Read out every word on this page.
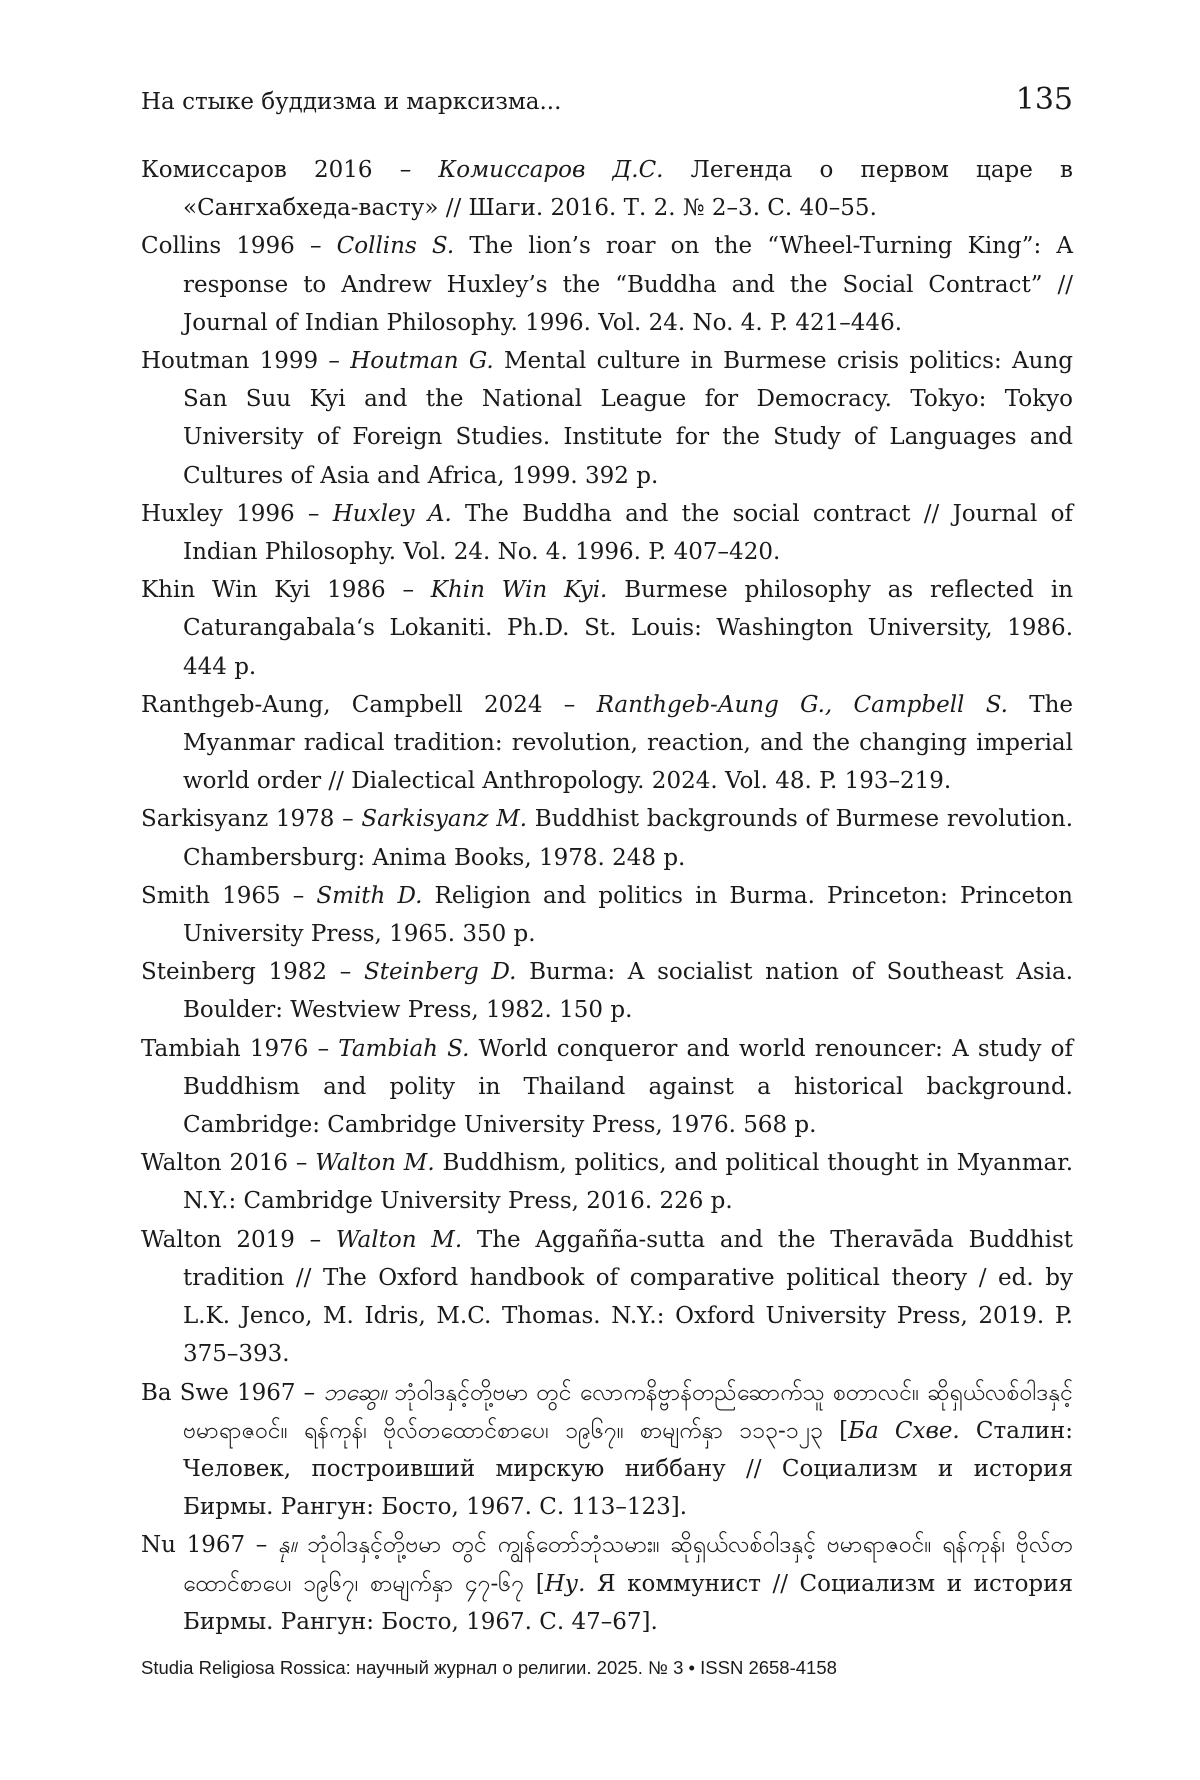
На стыке буддизма и марксизма...	135
Комиссаров 2016 – Комиссаров Д.С. Легенда о первом царе в «Сангхабхеда-васту» // Шаги. 2016. Т. 2. № 2–3. С. 40–55.
Collins 1996 – Collins S. The lion’s roar on the “Wheel-Turning King”: A response to Andrew Huxley’s the “Buddha and the Social Contract” // Journal of Indian Philosophy. 1996. Vol. 24. No. 4. P. 421–446.
Houtman 1999 – Houtman G. Mental culture in Burmese crisis politics: Aung San Suu Kyi and the National League for Democracy. Tokyo: Tokyo University of Foreign Studies. Institute for the Study of Languages and Cultures of Asia and Africa, 1999. 392 p.
Huxley 1996 – Huxley A. The Buddha and the social contract // Journal of Indian Philosophy. Vol. 24. No. 4. 1996. P. 407–420.
Khin Win Kyi 1986 – Khin Win Kyi. Burmese philosophy as reflected in Caturangabala‘s Lokaniti. Ph.D. St. Louis: Washington University, 1986. 444 p.
Ranthgeb-Aung, Campbell 2024 – Ranthgeb-Aung G., Campbell S. The Myanmar radical tradition: revolution, reaction, and the changing imperial world order // Dialectical Anthropology. 2024. Vol. 48. P. 193–219.
Sarkisyanz 1978 – Sarkisyanz M. Buddhist backgrounds of Burmese revolution. Chambersburg: Anima Books, 1978. 248 p.
Smith 1965 – Smith D. Religion and politics in Burma. Princeton: Princeton University Press, 1965. 350 p.
Steinberg 1982 – Steinberg D. Burma: A socialist nation of Southeast Asia. Boulder: Westview Press, 1982. 150 p.
Tambiah 1976 – Tambiah S. World conqueror and world renouncer: A study of Buddhism and polity in Thailand against a historical background. Cambridge: Cambridge University Press, 1976. 568 p.
Walton 2016 – Walton M. Buddhism, politics, and political thought in Myanmar. N.Y.: Cambridge University Press, 2016. 226 p.
Walton 2019 – Walton M. The Aggañña-sutta and the Theravāda Buddhist tradition // The Oxford handbook of comparative political theory / ed. by L.K. Jenco, M. Idris, M.C. Thomas. N.Y.: Oxford University Press, 2019. P. 375–393.
Ba Swe 1967 – ဘဆွေ။ ဘုံဝါဒနှင့်တို့ဗမာ တွင် လောကနိဗ္ဗာန်တည်ဆောက်သူ စတာလင်။ ဆိုရှယ်လစ်ဝါဒနှင့် ဗမာရာဇဝင်။ ရန်ကုန်၊ ဗိုလ်တထောင်စာပေ၊ ၁၉၆၇။ စာမျက်နှာ ၁၁၃-၁၂၃ [Ба Схве. Сталин: Человек, построивший мирскую ниббану // Социализм и история Бирмы. Рангун: Босто, 1967. С. 113–123].
Nu 1967 – နု။ ဘုံဝါဒနှင့်တို့ဗမာ တွင် ကျွန်တော်ဘုံသမား။ ဆိုရှယ်လစ်ဝါဒနှင့် ဗမာရာဇဝင်။ ရန်ကုန်၊ ဗိုလ်တထောင်စာပေ၊ ၁၉၆၇၊ စာမျက်နှာ ၄၇-၆၇ [Ну. Я коммунист // Социализм и история Бирмы. Рангун: Босто, 1967. С. 47–67].
Studia Religiosa Rossica: научный журнал о религии. 2025. № 3 • ISSN 2658-4158
